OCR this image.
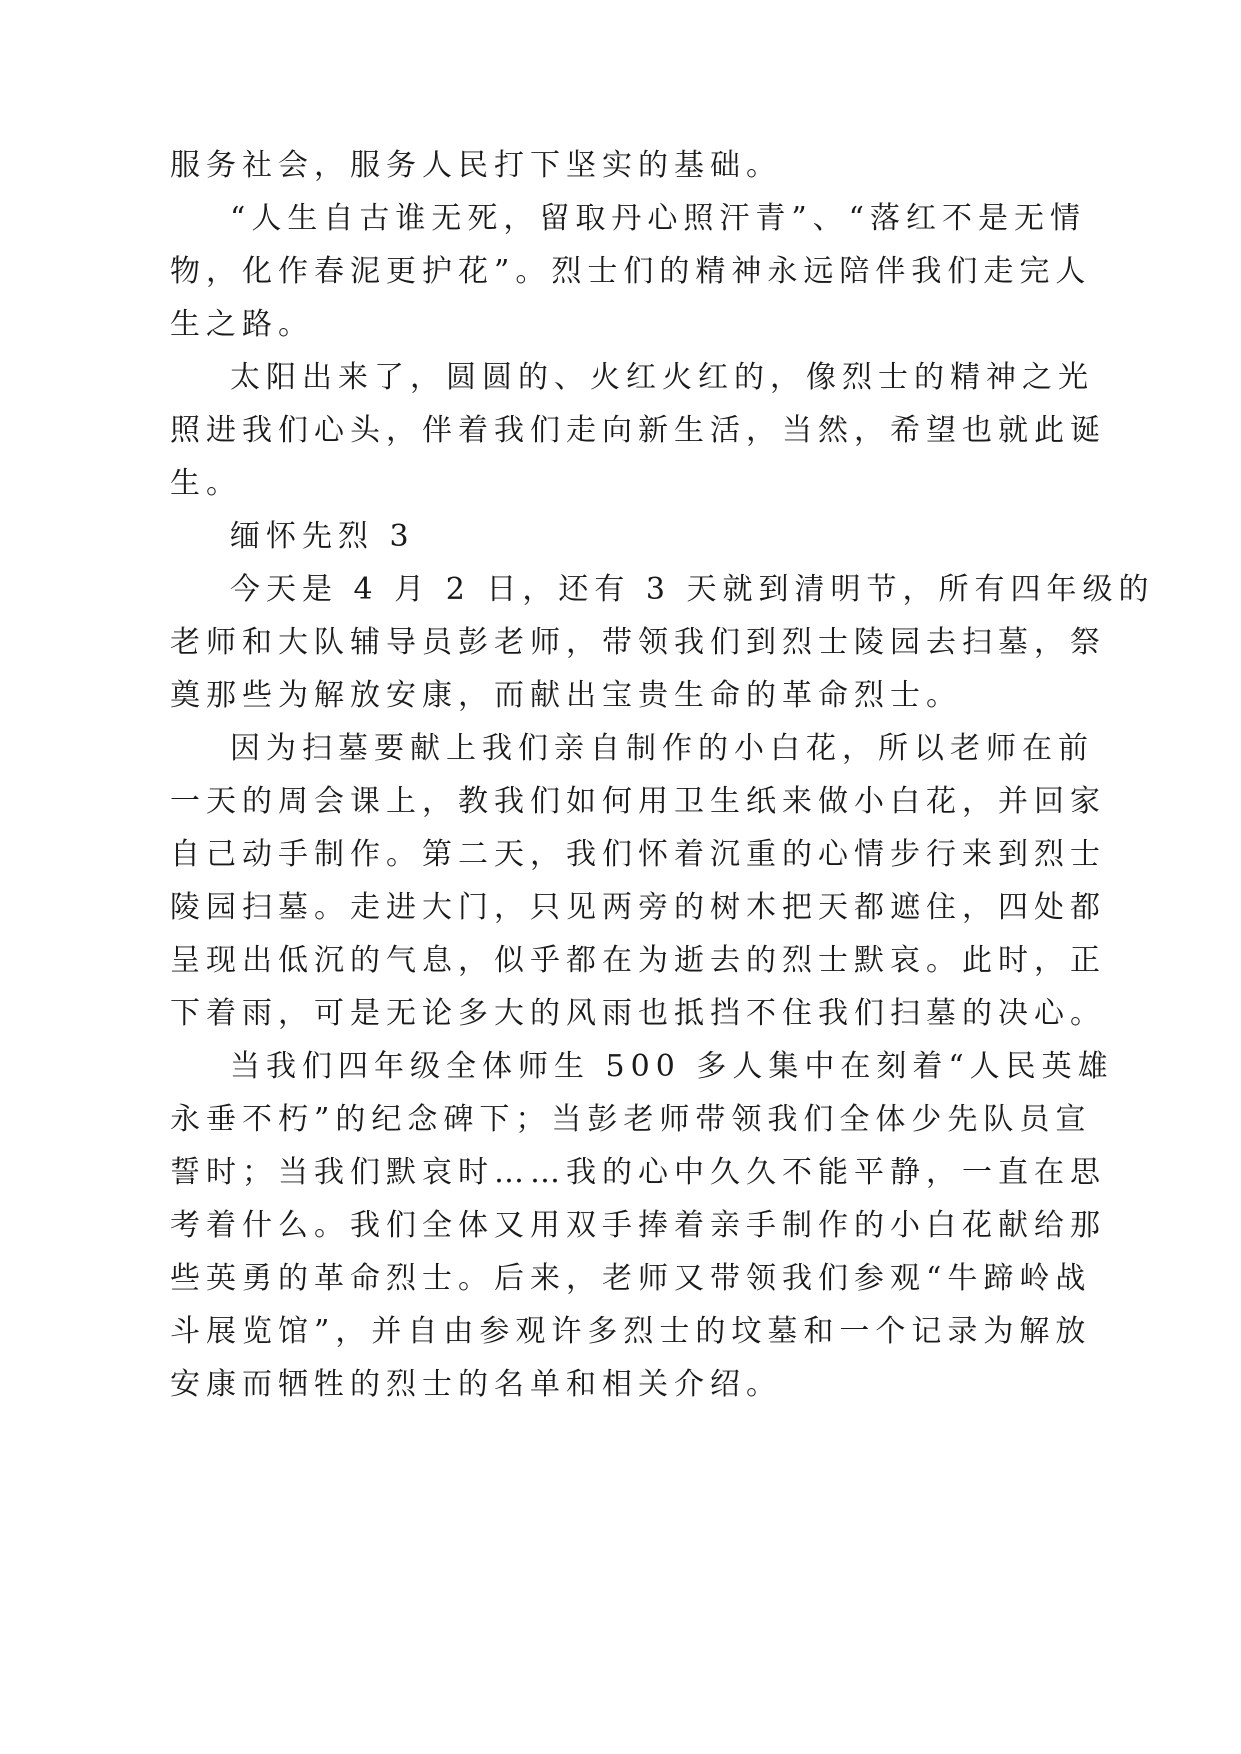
服务社会，服务人民打下坚实的基础。

“人生自古谁无死，留取丹心照汗青”、“落红不是无情

物，化作春泥更护花”。烈士们的精神永远陪伴我们走完人

生之路。

太阳出来了，圆圆的、火红火红的，像烈士的精神之光

照进我们心头，伴着我们走向新生活，当然，希望也就此诞

生。

缅怀先烈 3

今天是 4 月 2 日，还有 3 天就到清明节，所有四年级的

老师和大队辅导员彭老师，带领我们到烈士陵园去扫墓，祭

奠那些为解放安康，而献出宝贵生命的革命烈士。

因为扫墓要献上我们亲自制作的小白花，所以老师在前

一天的周会课上，教我们如何用卫生纸来做小白花，并回家

自己动手制作。第二天，我们怀着沉重的心情步行来到烈士

陵园扫墓。走进大门，只见两旁的树木把天都遮住，四处都

呈现出低沉的气息，似乎都在为逝去的烈士默哀。此时，正

下着雨，可是无论多大的风雨也抵挡不住我们扫墓的决心。

当我们四年级全体师生 500 多人集中在刻着“人民英雄

永垂不朽”的纪念碑下；当彭老师带领我们全体少先队员宣

誓时；当我们默哀时……我的心中久久不能平静，一直在思

考着什么。我们全体又用双手捧着亲手制作的小白花献给那

些英勇的革命烈士。后来，老师又带领我们参观“牛蹄岭战

斗展览馆”，并自由参观许多烈士的坟墓和一个记录为解放

安康而牺牲的烈士的名单和相关介绍。
